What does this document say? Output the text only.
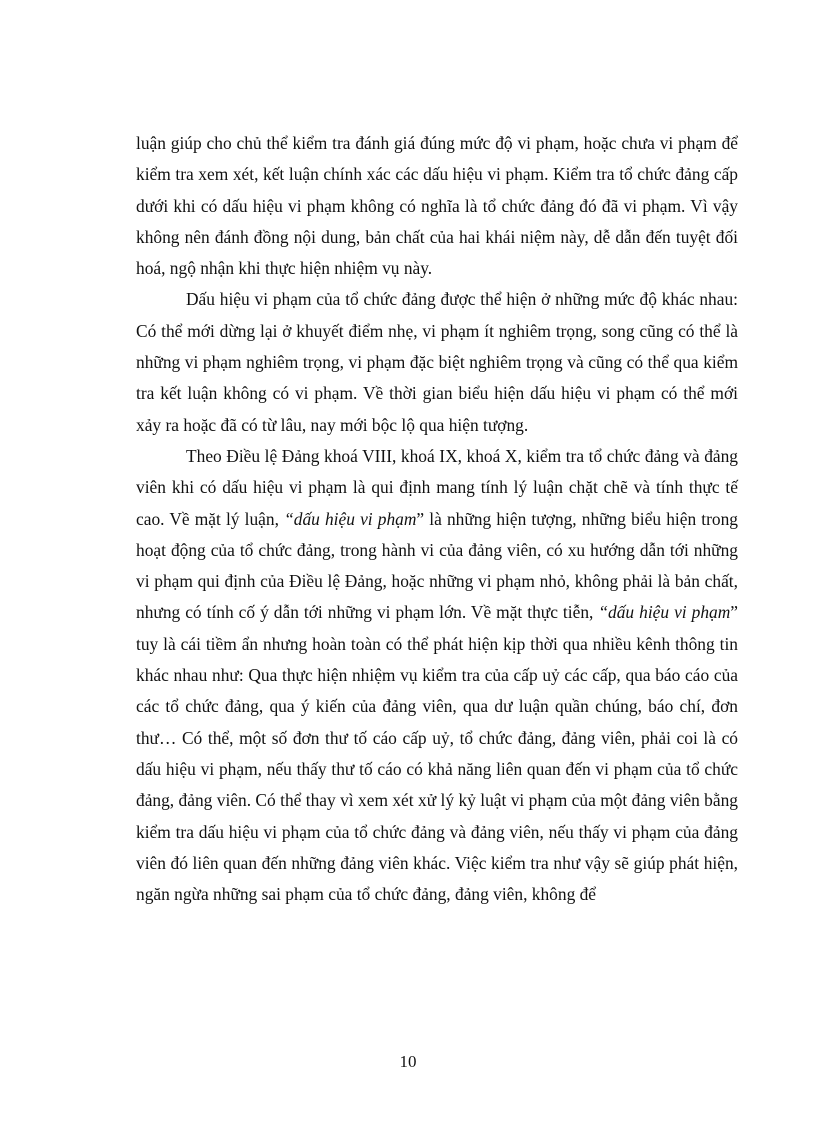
luận giúp cho chủ thể kiểm tra đánh giá đúng mức độ vi phạm, hoặc chưa vi phạm để kiểm tra xem xét, kết luận chính xác các dấu hiệu vi phạm. Kiểm tra tổ chức đảng cấp dưới khi có dấu hiệu vi phạm không có nghĩa là tổ chức đảng đó đã vi phạm. Vì vậy không nên đánh đồng nội dung, bản chất của hai khái niệm này, dễ dẫn đến tuyệt đối hoá, ngộ nhận khi thực hiện nhiệm vụ này.

Dấu hiệu vi phạm của tổ chức đảng được thể hiện ở những mức độ khác nhau: Có thể mới dừng lại ở khuyết điểm nhẹ, vi phạm ít nghiêm trọng, song cũng có thể là những vi phạm nghiêm trọng, vi phạm đặc biệt nghiêm trọng và cũng có thể qua kiểm tra kết luận không có vi phạm. Về thời gian biểu hiện dấu hiệu vi phạm có thể mới xảy ra hoặc đã có từ lâu, nay mới bộc lộ qua hiện tượng.

Theo Điều lệ Đảng khoá VIII, khoá IX, khoá X, kiểm tra tổ chức đảng và đảng viên khi có dấu hiệu vi phạm là qui định mang tính lý luận chặt chẽ và tính thực tế cao. Về mặt lý luận, “dấu hiệu vi phạm” là những hiện tượng, những biểu hiện trong hoạt động của tổ chức đảng, trong hành vi của đảng viên, có xu hướng dẫn tới những vi phạm qui định của Điều lệ Đảng, hoặc những vi phạm nhỏ, không phải là bản chất, nhưng có tính cố ý dẫn tới những vi phạm lớn. Về mặt thực tiễn, “dấu hiệu vi phạm” tuy là cái tiềm ẩn nhưng hoàn toàn có thể phát hiện kịp thời qua nhiều kênh thông tin khác nhau như: Qua thực hiện nhiệm vụ kiểm tra của cấp uỷ các cấp, qua báo cáo của các tổ chức đảng, qua ý kiến của đảng viên, qua dư luận quần chúng, báo chí, đơn thư… Có thể, một số đơn thư tố cáo cấp uỷ, tổ chức đảng, đảng viên, phải coi là có dấu hiệu vi phạm, nếu thấy thư tố cáo có khả năng liên quan đến vi phạm của tổ chức đảng, đảng viên. Có thể thay vì xem xét xử lý kỷ luật vi phạm của một đảng viên bằng kiểm tra dấu hiệu vi phạm của tổ chức đảng và đảng viên, nếu thấy vi phạm của đảng viên đó liên quan đến những đảng viên khác. Việc kiểm tra như vậy sẽ giúp phát hiện, ngăn ngừa những sai phạm của tổ chức đảng, đảng viên, không để

10
